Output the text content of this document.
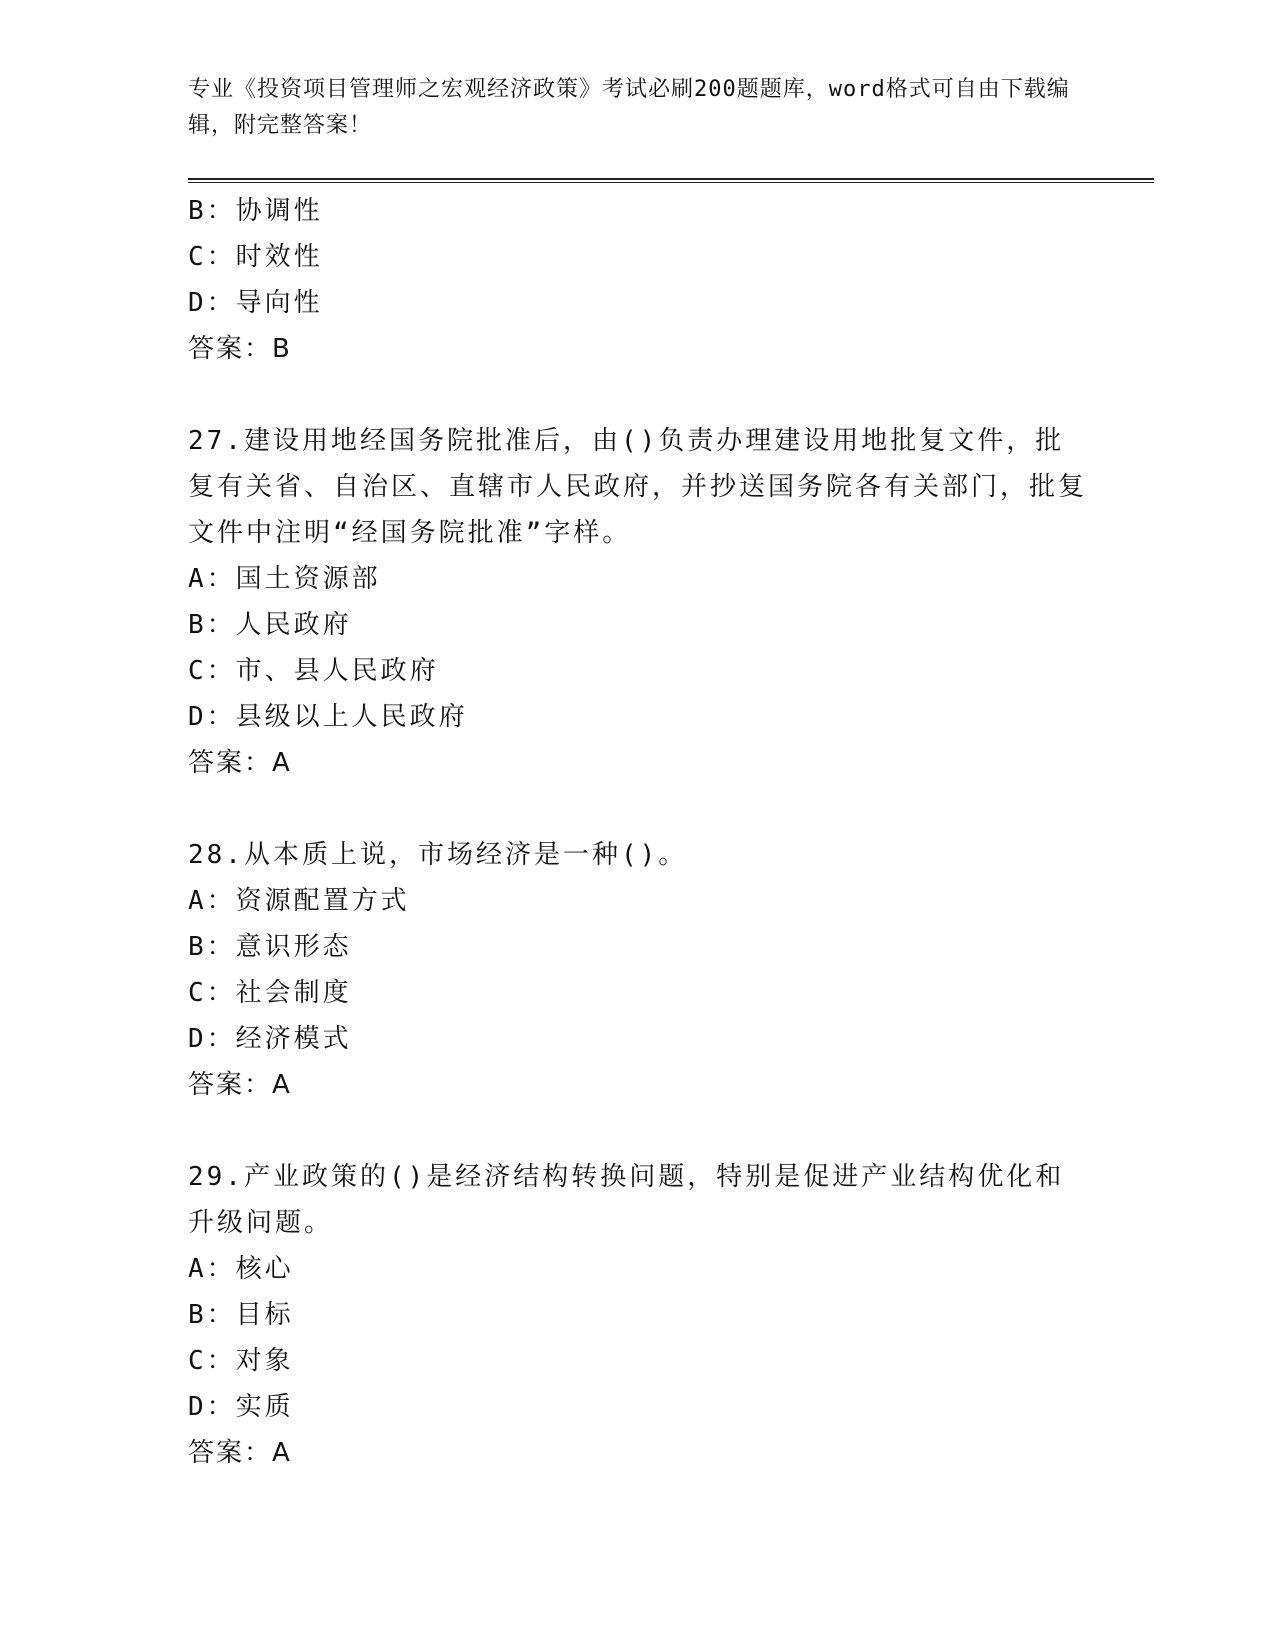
专业《投资项目管理师之宏观经济政策》考试必刷200题题库，word格式可自由下载编辑，附完整答案！
B：协调性
C：时效性
D：导向性
答案：B
27.建设用地经国务院批准后，由()负责办理建设用地批复文件，批复有关省、自治区、直辖市人民政府，并抄送国务院各有关部门，批复文件中注明“经国务院批准”字样。
A：国土资源部
B：人民政府
C：市、县人民政府
D：县级以上人民政府
答案：A
28.从本质上说，市场经济是一种()。
A：资源配置方式
B：意识形态
C：社会制度
D：经济模式
答案：A
29.产业政策的()是经济结构转换问题，特别是促进产业结构优化和升级问题。
A：核心
B：目标
C：对象
D：实质
答案：A
